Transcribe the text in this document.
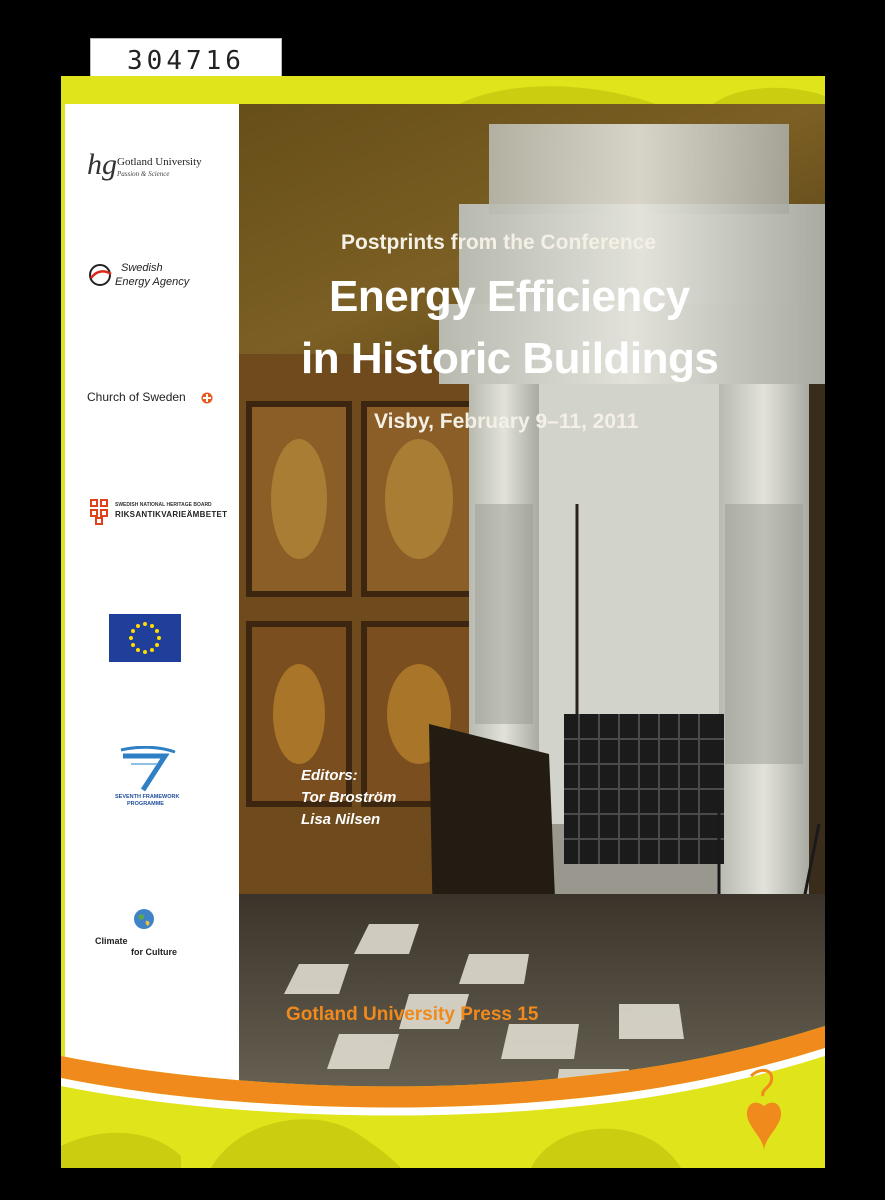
304716
hg Gotland University
Passion & Science
Swedish
Energy Agency
Church of Sweden
SWEDISH NATIONAL HERITAGE BOARD
RIKSANTIKVARIEÄMBETET
SEVENTH FRAMEWORK
PROGRAMME
Climate
for Culture
Postprints from the Conference
Energy Efficiency
in Historic Buildings
Visby, February 9–11, 2011
Editors:
Tor Broström
Lisa Nilsen
Gotland University Press 15
